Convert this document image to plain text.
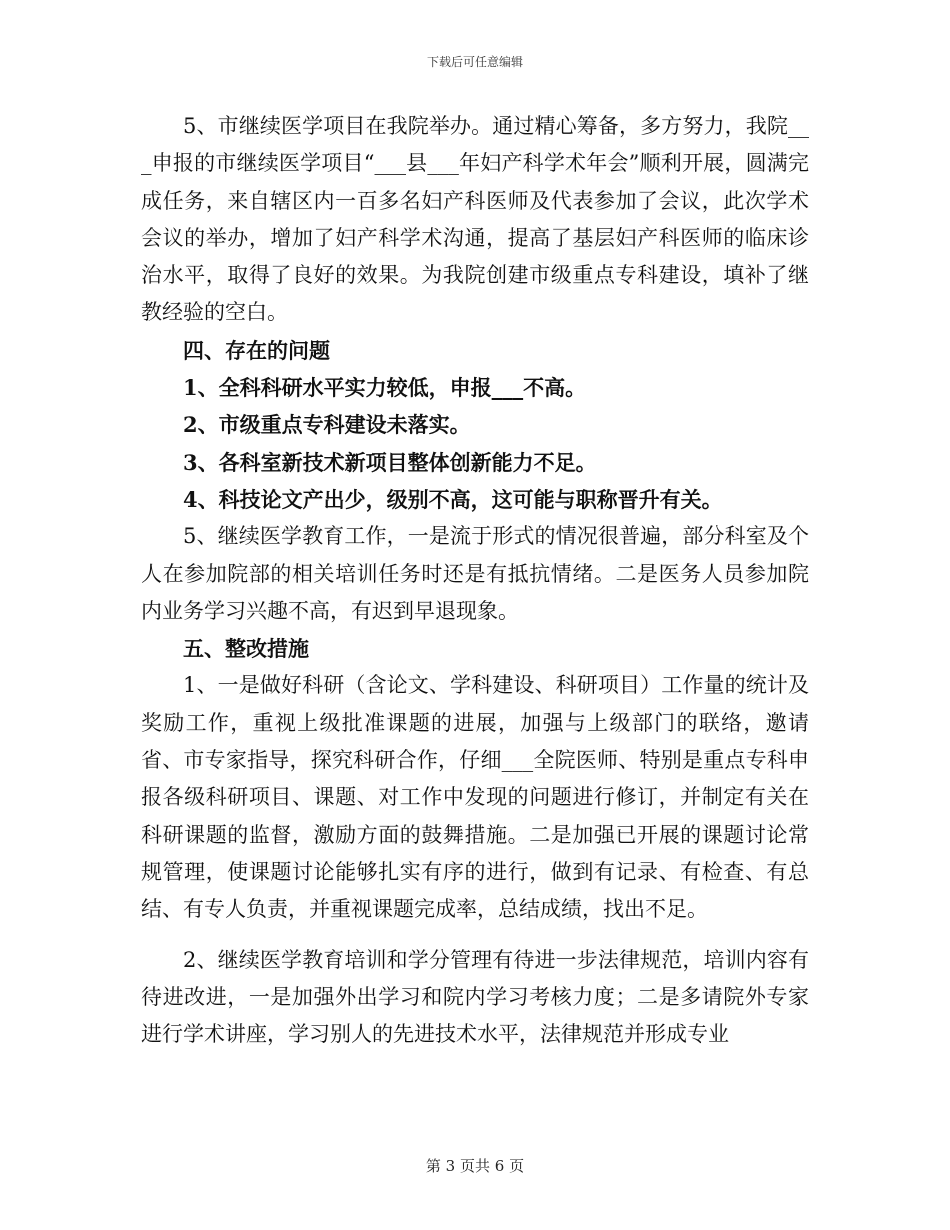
下载后可任意编辑

5、市继续医学项目在我院举办。通过精心筹备，多方努力，我院___申报的市继续医学项目“___县___年妇产科学术年会”顺利开展，圆满完成任务，来自辖区内一百多名妇产科医师及代表参加了会议，此次学术会议的举办，增加了妇产科学术沟通，提高了基层妇产科医师的临床诊治水平，取得了良好的效果。为我院创建市级重点专科建设，填补了继教经验的空白。

四、存在的问题

1、全科科研水平实力较低，申报___不高。

2、市级重点专科建设未落实。

3、各科室新技术新项目整体创新能力不足。

4、科技论文产出少，级别不高，这可能与职称晋升有关。

5、继续医学教育工作，一是流于形式的情况很普遍，部分科室及个人在参加院部的相关培训任务时还是有抵抗情绪。二是医务人员参加院内业务学习兴趣不高，有迟到早退现象。

五、整改措施

1、一是做好科研（含论文、学科建设、科研项目）工作量的统计及奖励工作，重视上级批准课题的进展，加强与上级部门的联络，邀请省、市专家指导，探究科研合作，仔细___全院医师、特别是重点专科申报各级科研项目、课题、对工作中发现的问题进行修订，并制定有关在科研课题的监督，激励方面的鼓舞措施。二是加强已开展的课题讨论常规管理，使课题讨论能够扎实有序的进行，做到有记录、有检查、有总结、有专人负责，并重视课题完成率，总结成绩，找出不足。

2、继续医学教育培训和学分管理有待进一步法律规范，培训内容有待进改进，一是加强外出学习和院内学习考核力度；二是多请院外专家进行学术讲座，学习别人的先进技术水平，法律规范并形成专业

第 3 页共 6 页
